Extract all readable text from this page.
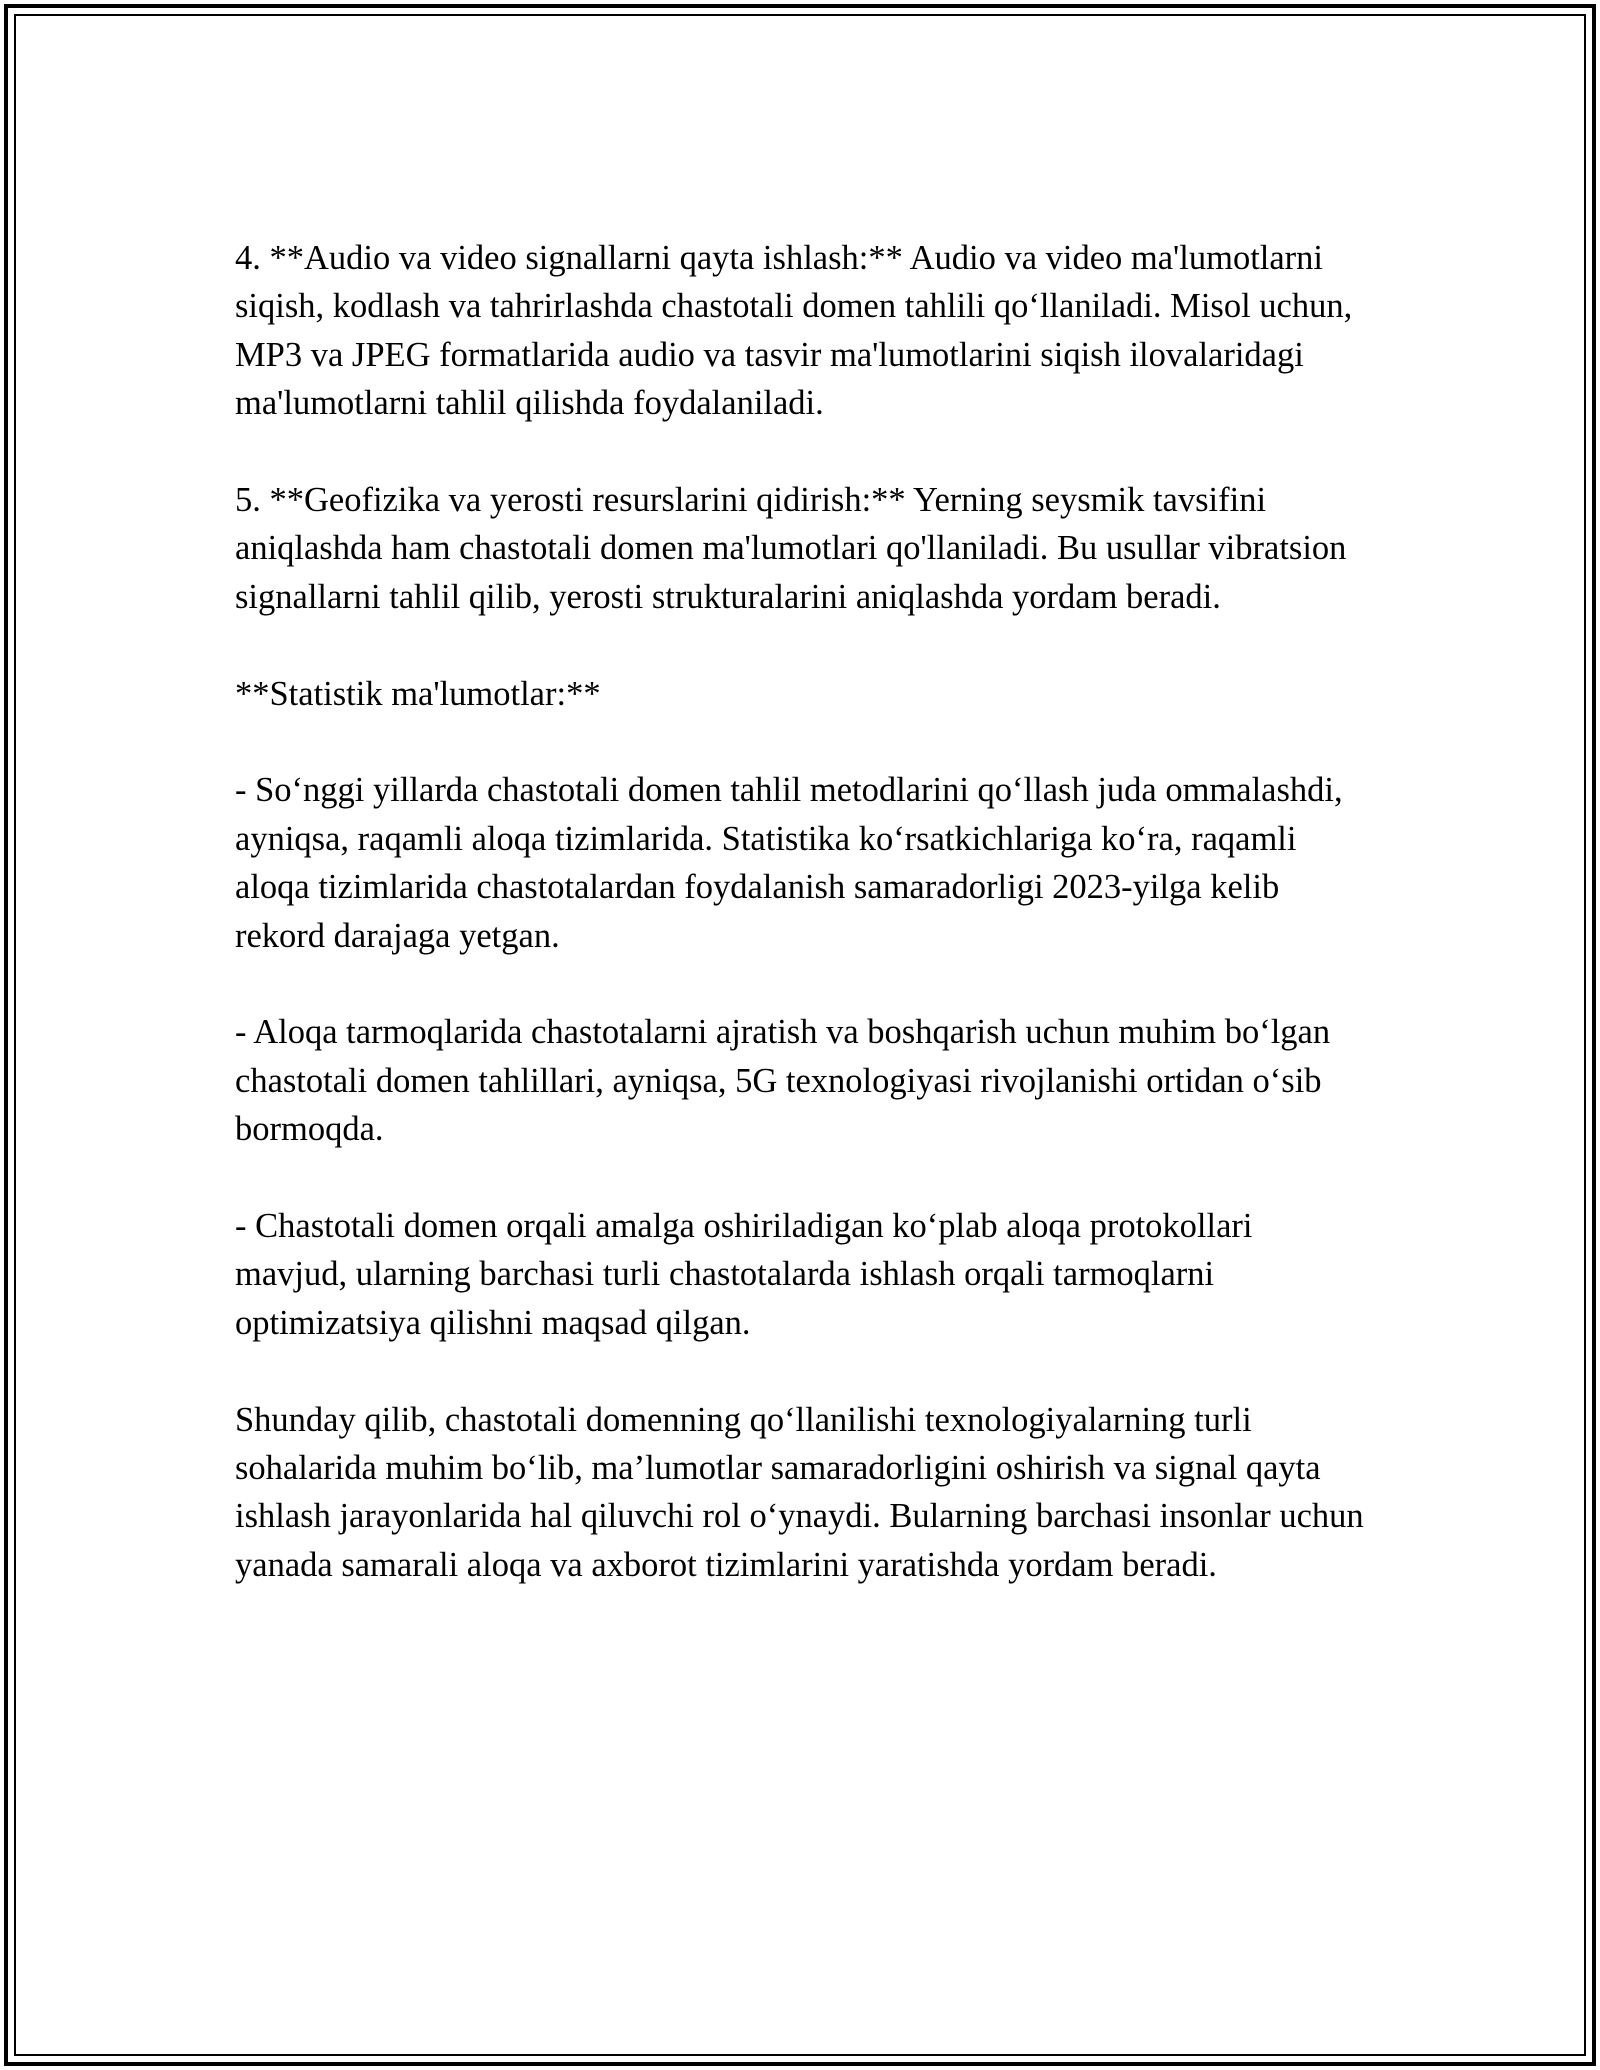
4. **Audio va video signallarni qayta ishlash:** Audio va video ma'lumotlarni siqish, kodlash va tahrirlashda chastotali domen tahlili qo‘llaniladi. Misol uchun, MP3 va JPEG formatlarida audio va tasvir ma'lumotlarini siqish ilovalaridagi ma'lumotlarni tahlil qilishda foydalaniladi.

5. **Geofizika va yerosti resurslarini qidirish:** Yerning seysmik tavsifini aniqlashda ham chastotali domen ma'lumotlari qo'llaniladi. Bu usullar vibratsion signallarni tahlil qilib, yerosti strukturalarini aniqlashda yordam beradi.

**Statistik ma'lumotlar:**

- So‘nggi yillarda chastotali domen tahlil metodlarini qo‘llash juda ommalashdi, ayniqsa, raqamli aloqa tizimlarida. Statistika ko‘rsatkichlariga ko‘ra, raqamli aloqa tizimlarida chastotalardan foydalanish samaradorligi 2023-yilga kelib rekord darajaga yetgan.

- Aloqa tarmoqlarida chastotalarni ajratish va boshqarish uchun muhim bo‘lgan chastotali domen tahlillari, ayniqsa, 5G texnologiyasi rivojlanishi ortidan o‘sib bormoqda.

- Chastotali domen orqali amalga oshiriladigan ko‘plab aloqa protokollari mavjud, ularning barchasi turli chastotalarda ishlash orqali tarmoqlarni optimizatsiya qilishni maqsad qilgan.

Shunday qilib, chastotali domenning qo‘llanilishi texnologiyalarning turli sohalarida muhim bo‘lib, ma’lumotlar samaradorligini oshirish va signal qayta ishlash jarayonlarida hal qiluvchi rol o‘ynaydi. Bularning barchasi insonlar uchun yanada samarali aloqa va axborot tizimlarini yaratishda yordam beradi.
